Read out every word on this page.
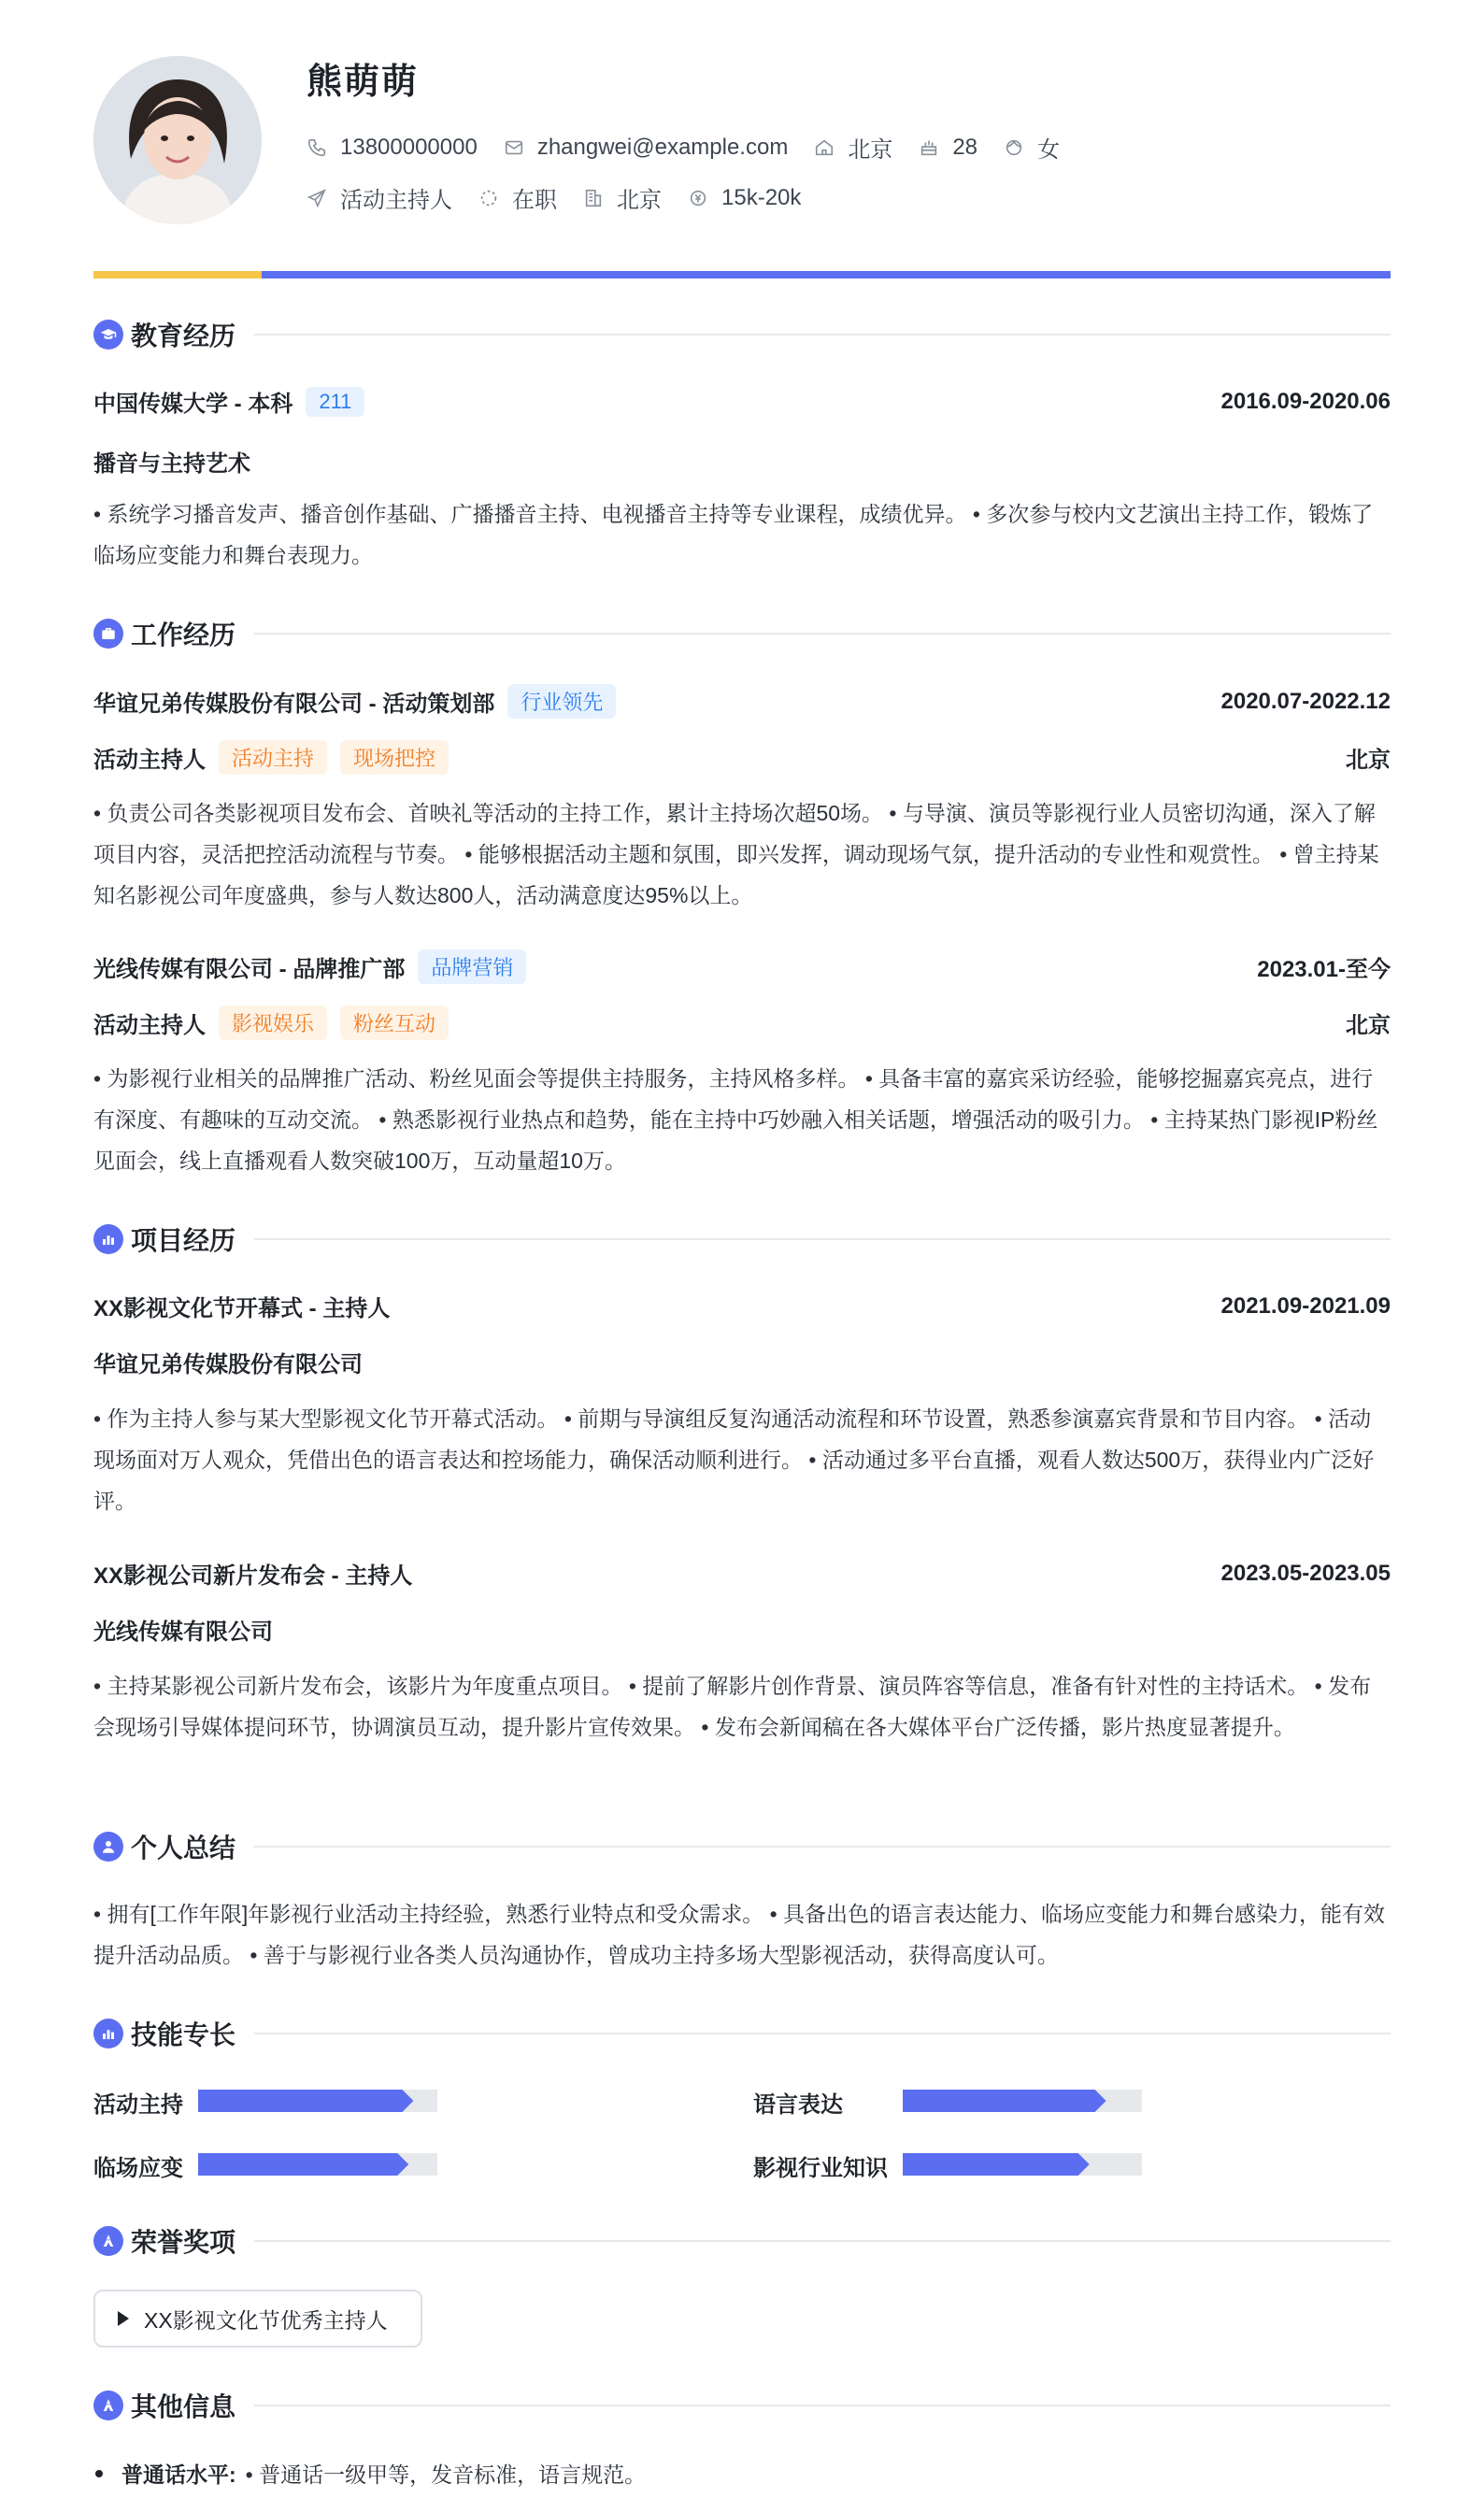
熊萌萌
13800000000	zhangwei@example.com	北京	28	女
活动主持人	在职	北京	15k-20k
教育经历
中国传媒大学 - 本科	211	2016.09-2020.06
播音与主持艺术
• 系统学习播音发声、播音创作基础、广播播音主持、电视播音主持等专业课程，成绩优异。 • 多次参与校内文艺演出主持工作，锻炼了临场应变能力和舞台表现力。
工作经历
华谊兄弟传媒股份有限公司 - 活动策划部	行业领先	2020.07-2022.12
活动主持人	活动主持	现场把控	北京
• 负责公司各类影视项目发布会、首映礼等活动的主持工作，累计主持场次超50场。 • 与导演、演员等影视行业人员密切沟通，深入了解项目内容，灵活把控活动流程与节奏。 • 能够根据活动主题和氛围，即兴发挥，调动现场气氛，提升活动的专业性和观赏性。 • 曾主持某知名影视公司年度盛典，参与人数达800人，活动满意度达95%以上。
光线传媒有限公司 - 品牌推广部	品牌营销	2023.01-至今
活动主持人	影视娱乐	粉丝互动	北京
• 为影视行业相关的品牌推广活动、粉丝见面会等提供主持服务，主持风格多样。 • 具备丰富的嘉宾采访经验，能够挖掘嘉宾亮点，进行有深度、有趣味的互动交流。 • 熟悉影视行业热点和趋势，能在主持中巧妙融入相关话题，增强活动的吸引力。 • 主持某热门影视IP粉丝见面会，线上直播观看人数突破100万，互动量超10万。
项目经历
XX影视文化节开幕式 - 主持人	2021.09-2021.09
华谊兄弟传媒股份有限公司
• 作为主持人参与某大型影视文化节开幕式活动。 • 前期与导演组反复沟通活动流程和环节设置，熟悉参演嘉宾背景和节目内容。 • 活动现场面对万人观众，凭借出色的语言表达和控场能力，确保活动顺利进行。 • 活动通过多平台直播，观看人数达500万，获得业内广泛好评。
XX影视公司新片发布会 - 主持人	2023.05-2023.05
光线传媒有限公司
• 主持某影视公司新片发布会，该影片为年度重点项目。 • 提前了解影片创作背景、演员阵容等信息，准备有针对性的主持话术。 • 发布会现场引导媒体提问环节，协调演员互动，提升影片宣传效果。 • 发布会新闻稿在各大媒体平台广泛传播，影片热度显著提升。
个人总结
• 拥有[工作年限]年影视行业活动主持经验，熟悉行业特点和受众需求。 • 具备出色的语言表达能力、临场应变能力和舞台感染力，能有效提升活动品质。 • 善于与影视行业各类人员沟通协作，曾成功主持多场大型影视活动，获得高度认可。
技能专长
活动主持	语言表达
临场应变	影视行业知识
荣誉奖项
XX影视文化节优秀主持人
其他信息
普通话水平: • 普通话一级甲等，发音标准，语言规范。
